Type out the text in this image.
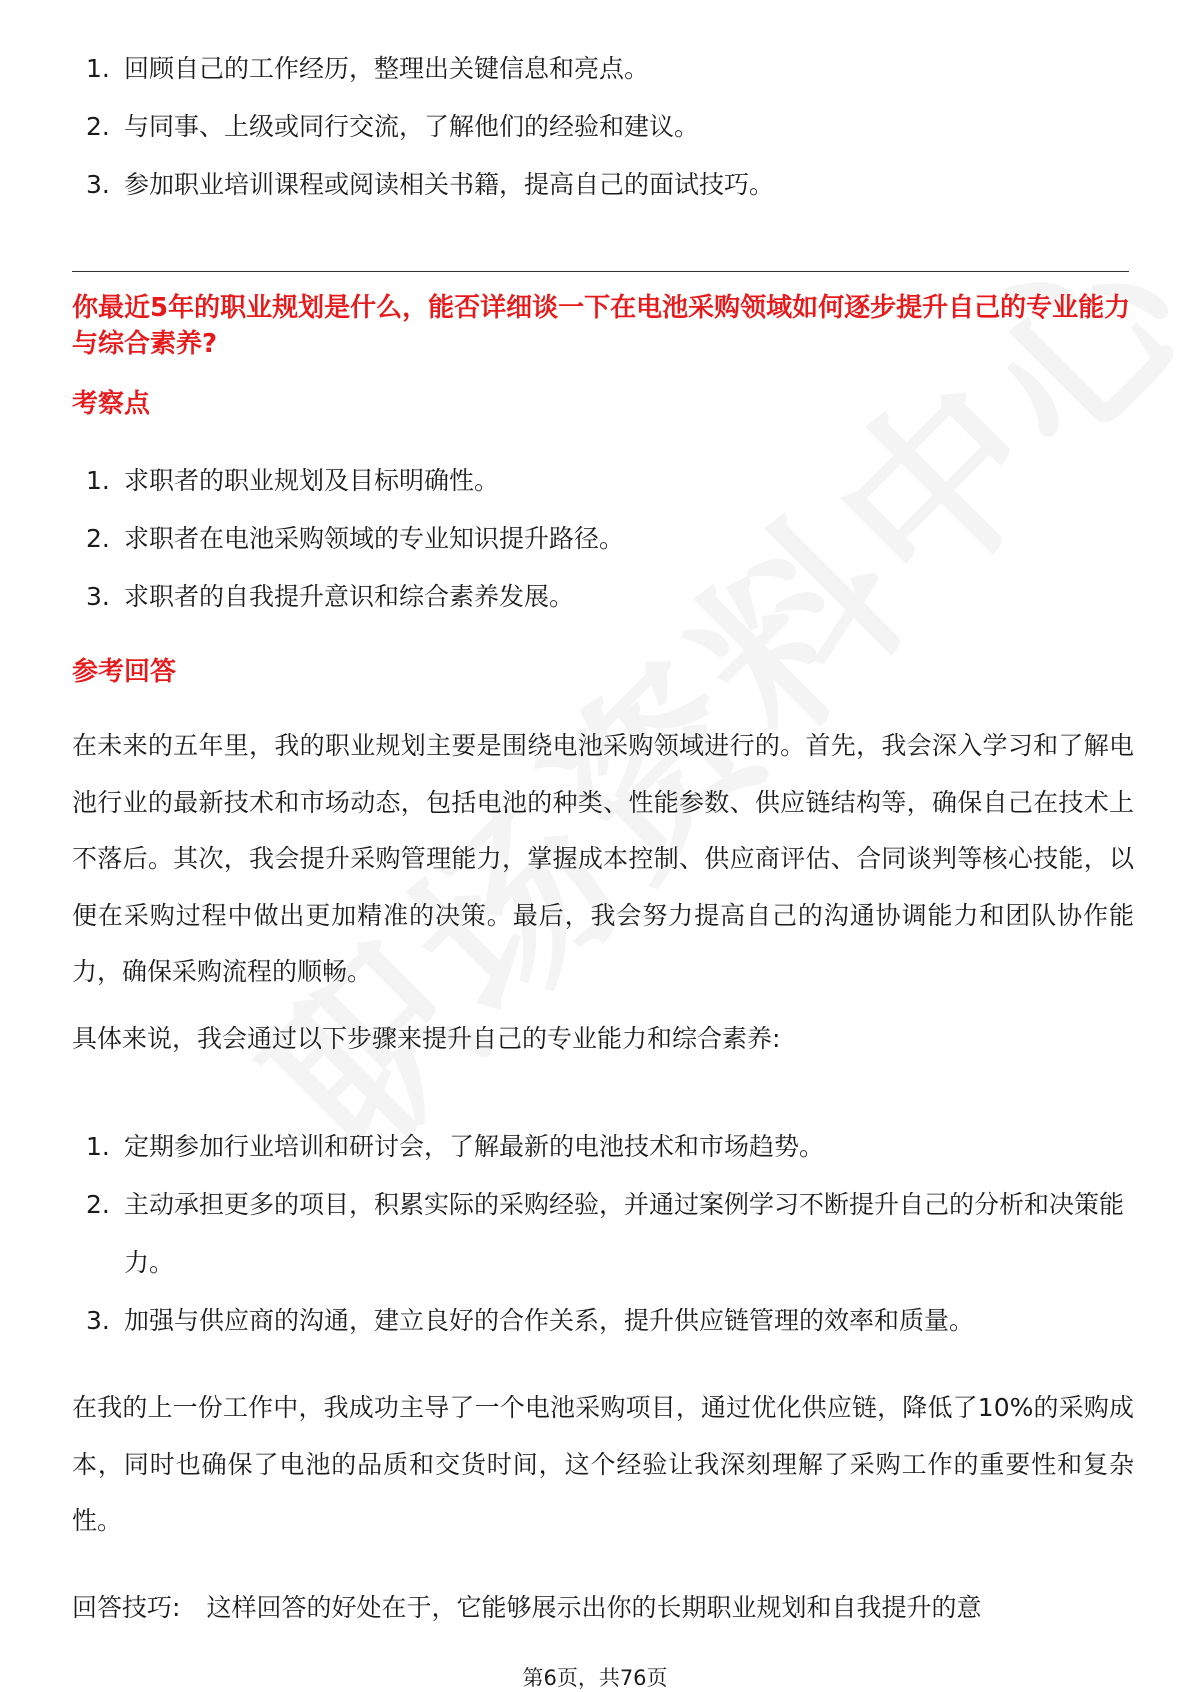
1. 回顾自己的工作经历，整理出关键信息和亮点。
2. 与同事、上级或同行交流，了解他们的经验和建议。
3. 参加职业培训课程或阅读相关书籍，提高自己的面试技巧。
你最近5年的职业规划是什么，能否详细谈一下在电池采购领域如何逐步提升自己的专业能力与综合素养?
考察点
1. 求职者的职业规划及目标明确性。
2. 求职者在电池采购领域的专业知识提升路径。
3. 求职者的自我提升意识和综合素养发展。
参考回答

在未来的五年里，我的职业规划主要是围绕电池采购领域进行的。首先，我会深入学习和了解电池行业的最新技术和市场动态，包括电池的种类、性能参数、供应链结构等，确保自己在技术上不落后。其次，我会提升采购管理能力，掌握成本控制、供应商评估、合同谈判等核心技能，以便在采购过程中做出更加精准的决策。最后，我会努力提高自己的沟通协调能力和团队协作能力，确保采购流程的顺畅。

具体来说，我会通过以下步骤来提升自己的专业能力和综合素养:

1. 定期参加行业培训和研讨会，了解最新的电池技术和市场趋势。
2. 主动承担更多的项目，积累实际的采购经验，并通过案例学习不断提升自己的分析和决策能力。
3. 加强与供应商的沟通，建立良好的合作关系，提升供应链管理的效率和质量。

在我的上一份工作中，我成功主导了一个电池采购项目，通过优化供应链，降低了10%的采购成本，同时也确保了电池的品质和交货时间，这个经验让我深刻理解了采购工作的重要性和复杂性。

回答技巧: 这样回答的好处在于，它能够展示出你的长期职业规划和自我提升的意

第6页，共76页
